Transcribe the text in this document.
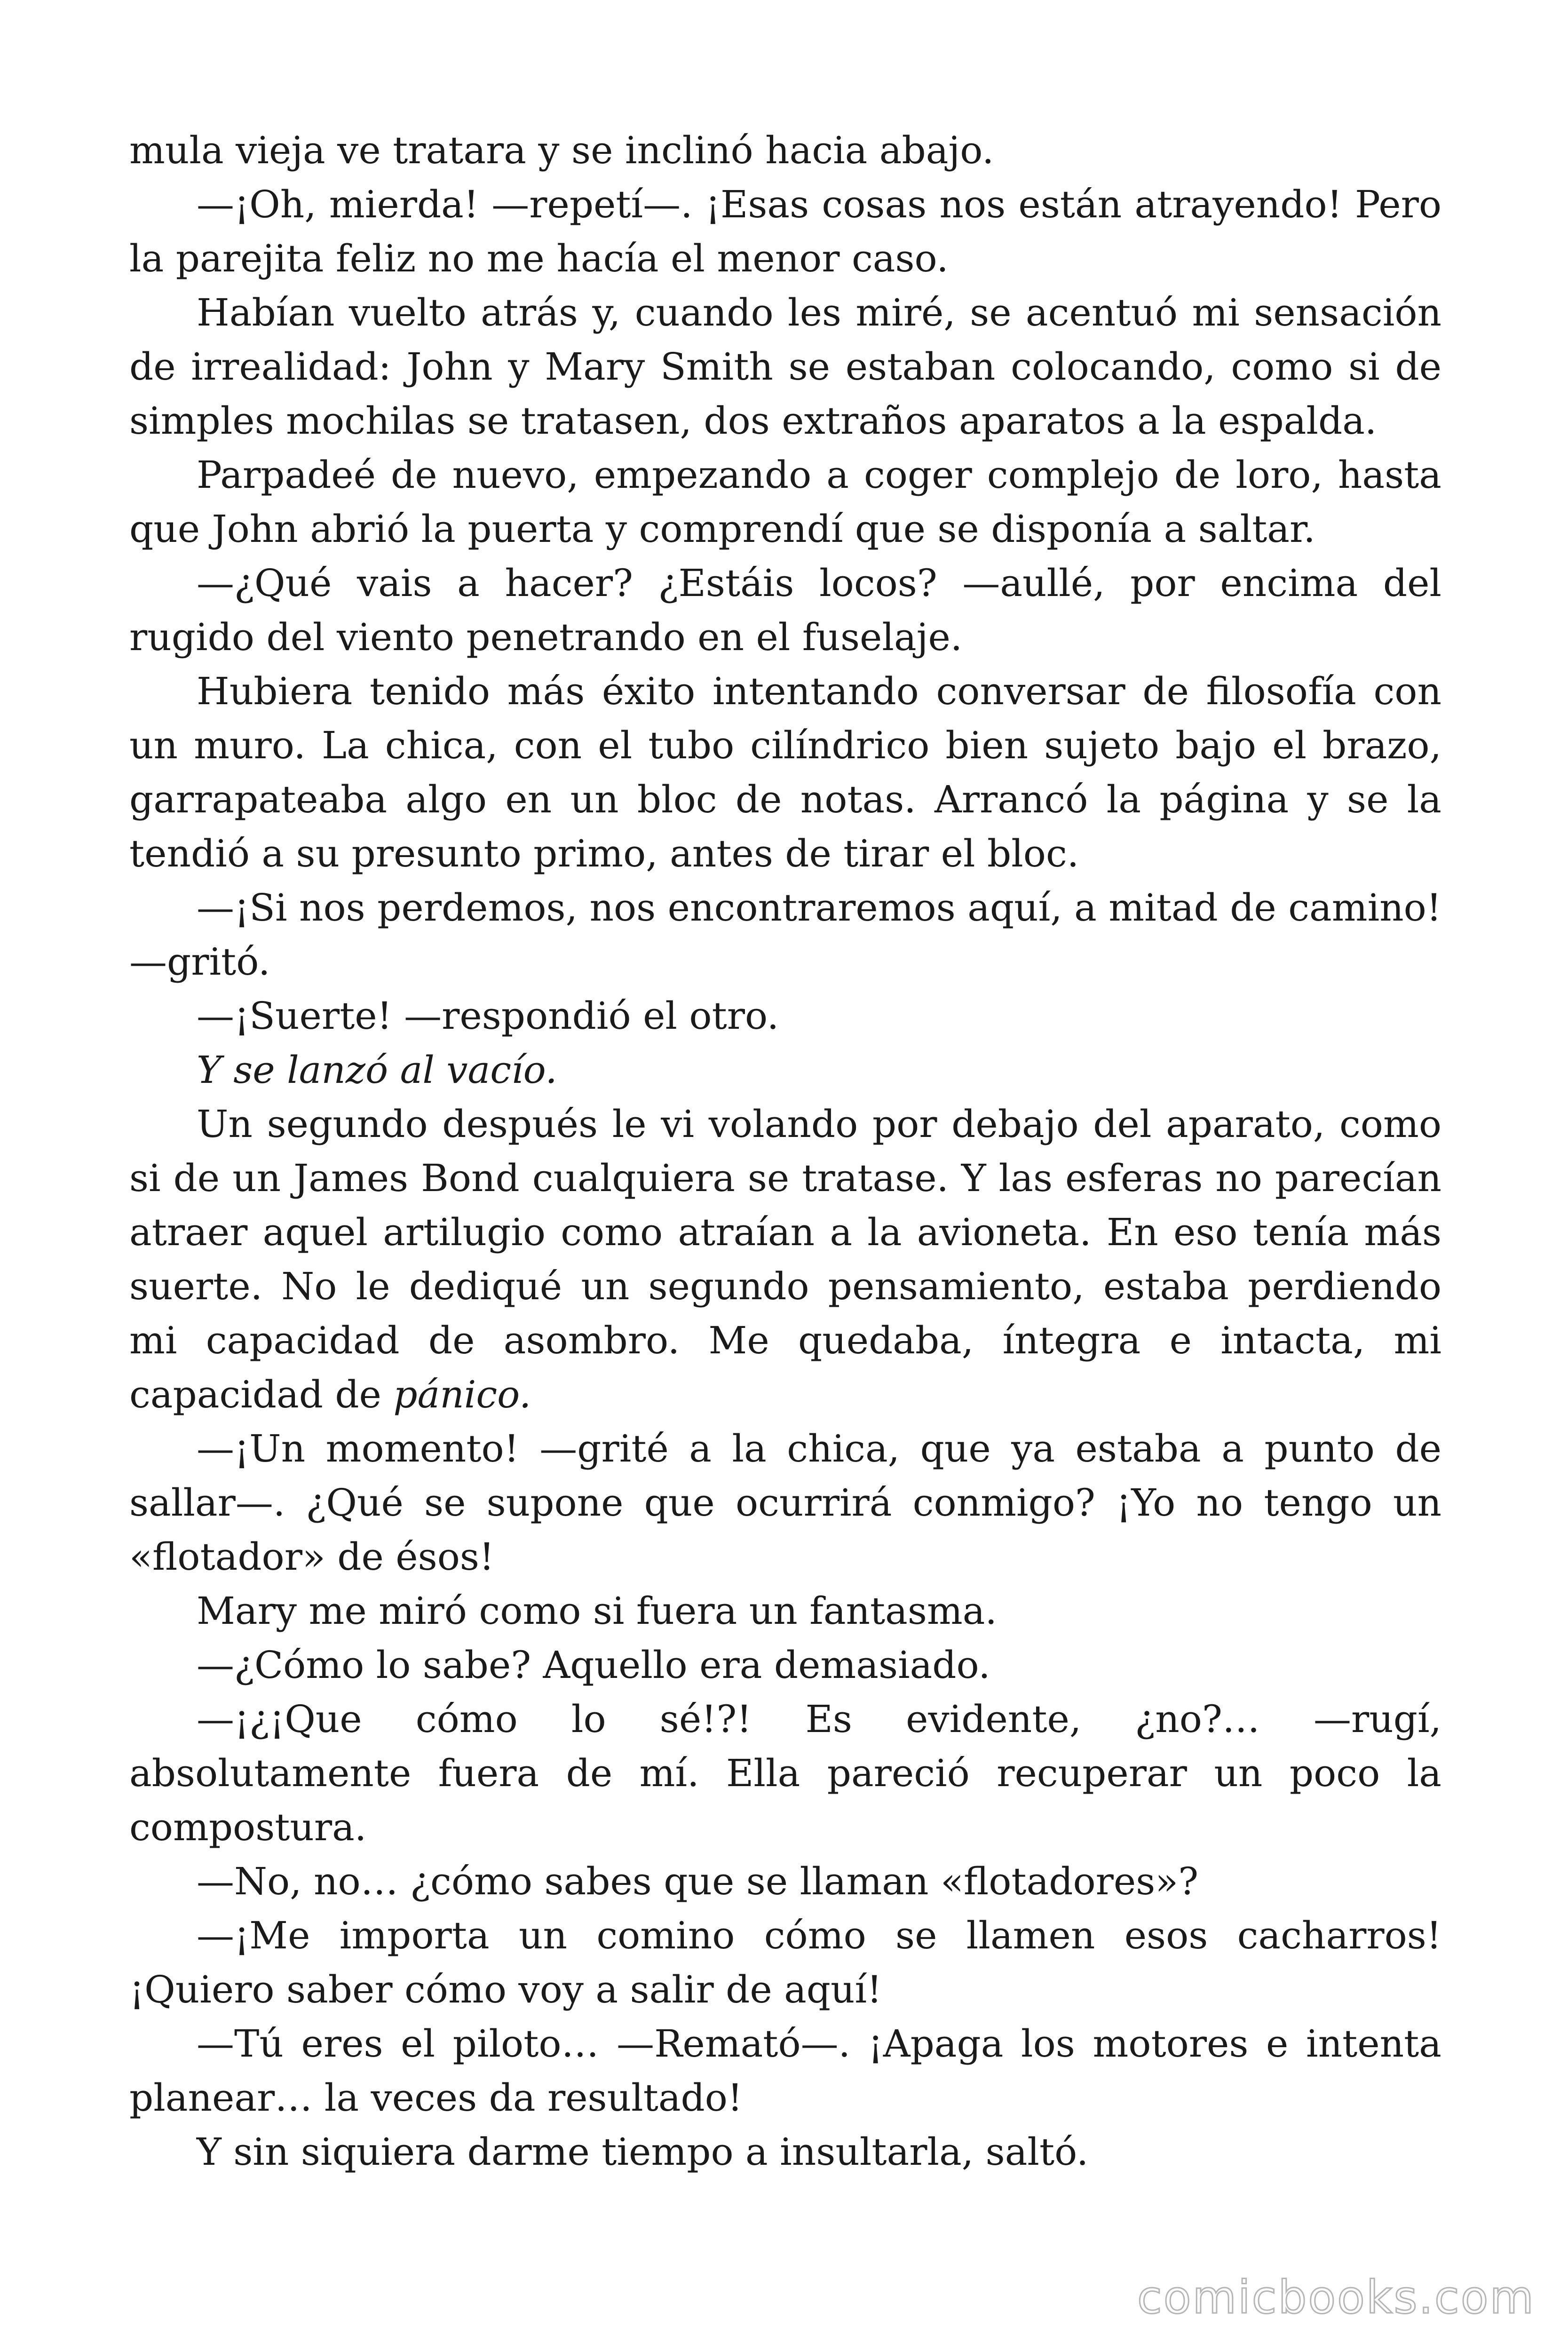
mula vieja ve tratara y se inclinó hacia abajo.

—¡Oh, mierda! —repetí—. ¡Esas cosas nos están atrayendo! Pero la parejita feliz no me hacía el menor caso.

Habían vuelto atrás y, cuando les miré, se acentuó mi sensación de irrealidad: John y Mary Smith se estaban colocando, como si de simples mochilas se tratasen, dos extraños aparatos a la espalda.

Parpadeé de nuevo, empezando a coger complejo de loro, hasta que John abrió la puerta y comprendí que se disponía a saltar.

—¿Qué vais a hacer? ¿Estáis locos? —aullé, por encima del rugido del viento penetrando en el fuselaje.

Hubiera tenido más éxito intentando conversar de filosofía con un muro. La chica, con el tubo cilíndrico bien sujeto bajo el brazo, garrapateaba algo en un bloc de notas. Arrancó la página y se la tendió a su presunto primo, antes de tirar el bloc.

—¡Si nos perdemos, nos encontraremos aquí, a mitad de camino! —gritó.

—¡Suerte! —respondió el otro.

Y se lanzó al vacío.

Un segundo después le vi volando por debajo del aparato, como si de un James Bond cualquiera se tratase. Y las esferas no parecían atraer aquel artilugio como atraían a la avioneta. En eso tenía más suerte. No le dediqué un segundo pensamiento, estaba perdiendo mi capacidad de asombro. Me quedaba, íntegra e intacta, mi capacidad de pánico.

—¡Un momento! —grité a la chica, que ya estaba a punto de sallar—. ¿Qué se supone que ocurrirá conmigo? ¡Yo no tengo un «flotador» de ésos!

Mary me miró como si fuera un fantasma.

—¿Cómo lo sabe? Aquello era demasiado.

—¡¿¡Que cómo lo sé!?! Es evidente, ¿no?… —rugí, absolutamente fuera de mí. Ella pareció recuperar un poco la compostura.

—No, no… ¿cómo sabes que se llaman «flotadores»?

—¡Me importa un comino cómo se llamen esos cacharros! ¡Quiero saber cómo voy a salir de aquí!

—Tú eres el piloto… —Remató—. ¡Apaga los motores e intenta planear… la veces da resultado!

Y sin siquiera darme tiempo a insultarla, saltó.

comicbooks.com
